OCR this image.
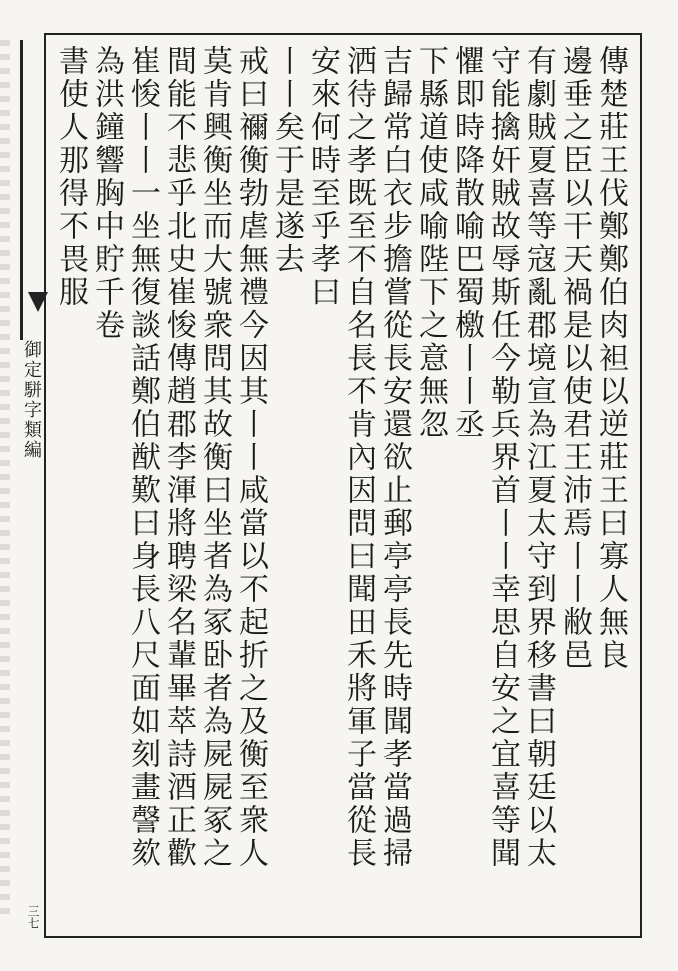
御定駢字類編
三七
傳楚莊王伐鄭鄭伯肉袒以逆莊王曰寡人無良
邊垂之臣以干天禍是以使君王沛焉丨丨敝邑
有劇賊夏喜等寇亂郡境宣為江夏太守到界移書曰朝廷以太
守能擒奸賊故辱斯任今勒兵界首丨丨幸思自安之宜喜等聞
懼即時降散喻巴蜀檄丨丨丞
下縣道使咸喻陛下之意無忽
吉歸常白衣步擔嘗從長安還欲止郵亭亭長先時聞孝當過掃
洒待之孝既至不自名長不肯內因問曰聞田禾將軍子當從長
安來何時至乎孝曰
丨丨矣于是遂去
戒曰禰衡勃虐無禮今因其丨丨咸當以不起折之及衡至衆人
莫肯興衡坐而大號衆問其故衡曰坐者為冢卧者為屍屍冢之
間能不悲乎北史崔悛傳趙郡李渾將聘梁名輩畢萃詩酒正歡
崔悛丨丨一坐無復談話鄭伯猷歎曰身長八尺面如刻畫謦欬
為洪鐘響胸中貯千卷
書使人那得不畏服
